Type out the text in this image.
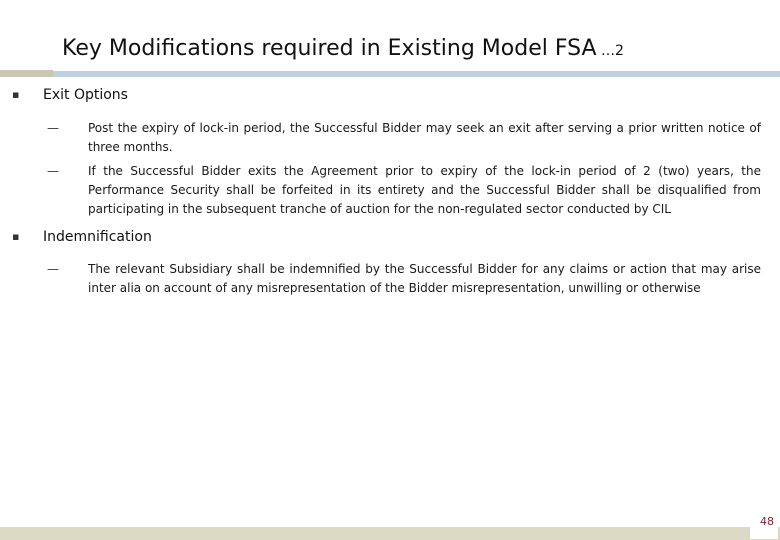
Key Modifications required in Existing Model FSA …2
▪ Exit Options
— Post the expiry of lock-in period, the Successful Bidder may seek an exit after serving a prior written notice of three months.
— If the Successful Bidder exits the Agreement prior to expiry of the lock-in period of 2 (two) years, the Performance Security shall be forfeited in its entirety and the Successful Bidder shall be disqualified from participating in the subsequent tranche of auction for the non-regulated sector conducted by CIL
▪ Indemnification
— The relevant Subsidiary shall be indemnified by the Successful Bidder for any claims or action that may arise inter alia on account of any misrepresentation of the Bidder misrepresentation, unwilling or otherwise
48
